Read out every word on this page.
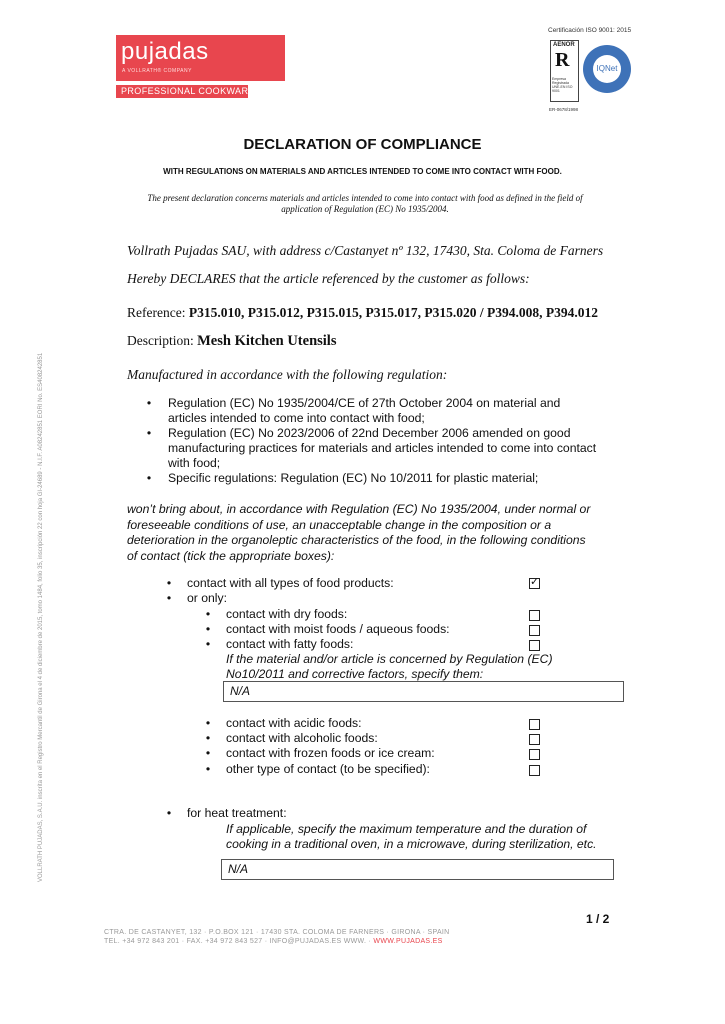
pujadas
A VOLLRATH® COMPANY
PROFESSIONAL COOKWARE
Certificación ISO 9001: 2015
AENOR
R
Empresa Registrada
UNE-EN ISO 9001
ER-0678/1998
IQNet
DECLARATION OF COMPLIANCE
WITH REGULATIONS ON MATERIALS AND ARTICLES INTENDED TO COME INTO CONTACT WITH FOOD.
The present declaration concerns materials and articles intended to come into contact with food as defined in the field of
application of Regulation (EC) No 1935/2004.
Vollrath Pujadas SAU, with address c/Castanyet nº 132, 17430, Sta. Coloma de Farners
Hereby DECLARES that the article referenced by the customer as follows:
Reference: P315.010, P315.012, P315.015, P315.017, P315.020 / P394.008, P394.012
Description: Mesh Kitchen Utensils
Manufactured in accordance with the following regulation:
• Regulation (EC) No 1935/2004/CE of 27th October 2004 on material and
articles intended to come into contact with food;
• Regulation (EC) No 2023/2006 of 22nd December 2006 amended on good
manufacturing practices for materials and articles intended to come into contact
with food;
• Specific regulations: Regulation (EC) No 10/2011 for plastic material;
won’t bring about, in accordance with Regulation (EC) No 1935/2004, under normal or
foreseeable conditions of use, an unacceptable change in the composition or a
deterioration in the organoleptic characteristics of the food, in the following conditions
of contact (tick the appropriate boxes):
• contact with all types of food products:	✓
• or only:
• contact with dry foods:
• contact with moist foods / aqueous foods:
• contact with fatty foods:
If the material and/or article is concerned by Regulation (EC)
No10/2011 and corrective factors, specify them:
N/A
• contact with acidic foods:
• contact with alcoholic foods:
• contact with frozen foods or ice cream:
• other type of contact (to be specified):
• for heat treatment:
If applicable, specify the maximum temperature and the duration of
cooking in a traditional oven, in a microwave, during sterilization, etc.
N/A
VOLLRATH PUJADAS, S.A.U. inscrita en el Registro Mercantil de Girona el 4 de diciembre de 2015, tomo 1484, folio 35, inscripción 22 con hoja GI-24689 - N.I.F. A08242851 EORI No. ES408242851
1 / 2
CTRA. DE CASTANYET, 132 · P.O.BOX 121 · 17430 STA. COLOMA DE FARNERS · GIRONA · SPAIN
TEL. +34 972 843 201 · FAX. +34 972 843 527 · INFO@PUJADAS.ES WWW. · WWW.PUJADAS.ES
